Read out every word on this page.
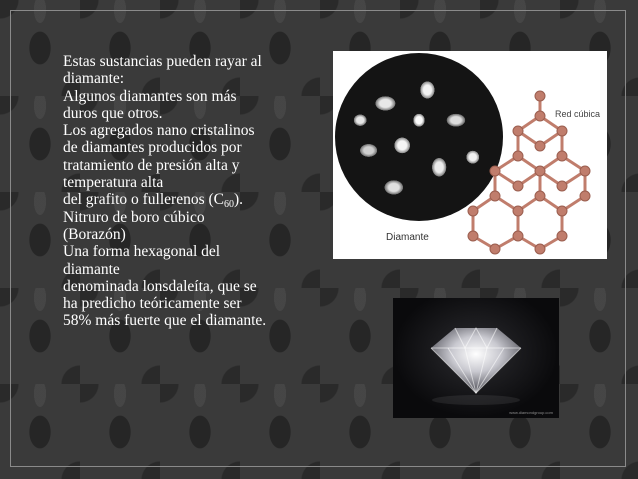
Estas sustancias pueden rayar al
diamante:
Algunos diamantes son más
duros que otros.
Los agregados nano cristalinos
de diamantes producidos por
tratamiento de presión alta y
temperatura alta
del grafito o fullerenos $(C_{60})$.
Nitruro de boro cúbico
(Borazón)
Una forma hexagonal del
diamante
denominada lonsdaleíta, que se
ha predicho teóricamente ser
58% más fuerte que el diamante.
Diamante
Red cúbica
www.diamondgroup.com
